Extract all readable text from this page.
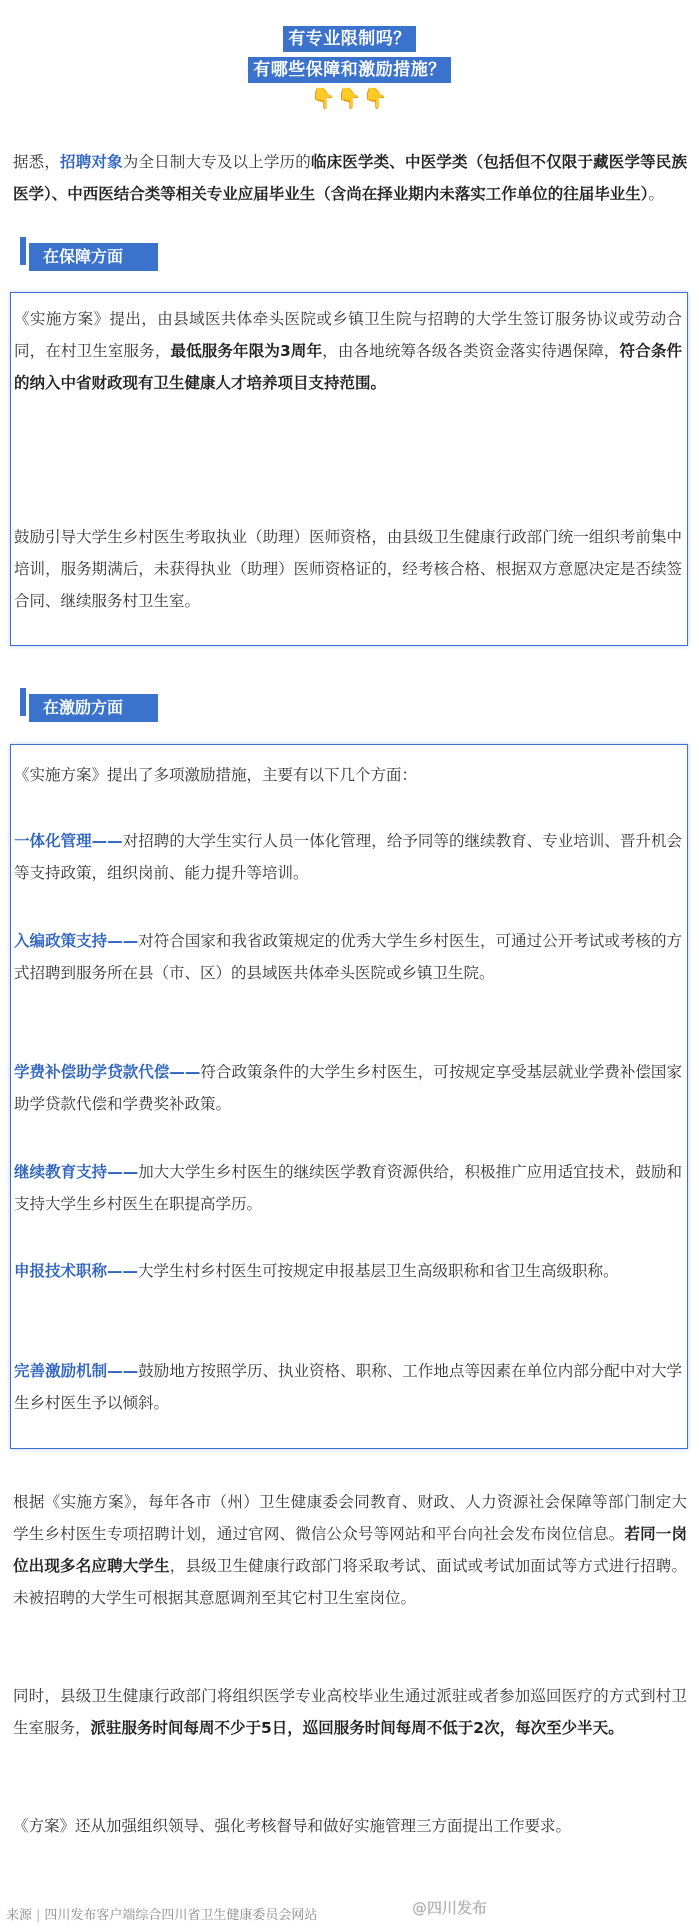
有专业限制吗？
有哪些保障和激励措施？
👇👇👇

据悉，招聘对象为全日制大专及以上学历的临床医学类、中医学类（包括但不仅限于藏医学等民族医学）、中西医结合类等相关专业应届毕业生（含尚在择业期内未落实工作单位的往届毕业生）。

在保障方面

《实施方案》提出，由县域医共体牵头医院或乡镇卫生院与招聘的大学生签订服务协议或劳动合同，在村卫生室服务，最低服务年限为3周年，由各地统筹各级各类资金落实待遇保障，符合条件的纳入中省财政现有卫生健康人才培养项目支持范围。

鼓励引导大学生乡村医生考取执业（助理）医师资格，由县级卫生健康行政部门统一组织考前集中培训，服务期满后，未获得执业（助理）医师资格证的，经考核合格、根据双方意愿决定是否续签合同、继续服务村卫生室。

在激励方面

《实施方案》提出了多项激励措施，主要有以下几个方面：

一体化管理——对招聘的大学生实行人员一体化管理，给予同等的继续教育、专业培训、晋升机会等支持政策，组织岗前、能力提升等培训。

入编政策支持——对符合国家和我省政策规定的优秀大学生乡村医生，可通过公开考试或考核的方式招聘到服务所在县（市、区）的县域医共体牵头医院或乡镇卫生院。

学费补偿助学贷款代偿——符合政策条件的大学生乡村医生，可按规定享受基层就业学费补偿国家助学贷款代偿和学费奖补政策。

继续教育支持——加大大学生乡村医生的继续医学教育资源供给，积极推广应用适宜技术，鼓励和支持大学生乡村医生在职提高学历。

申报技术职称——大学生村乡村医生可按规定申报基层卫生高级职称和省卫生高级职称。

完善激励机制——鼓励地方按照学历、执业资格、职称、工作地点等因素在单位内部分配中对大学生乡村医生予以倾斜。

根据《实施方案》，每年各市（州）卫生健康委会同教育、财政、人力资源社会保障等部门制定大学生乡村医生专项招聘计划，通过官网、微信公众号等网站和平台向社会发布岗位信息。若同一岗位出现多名应聘大学生，县级卫生健康行政部门将采取考试、面试或考试加面试等方式进行招聘。未被招聘的大学生可根据其意愿调剂至其它村卫生室岗位。

同时，县级卫生健康行政部门将组织医学专业高校毕业生通过派驻或者参加巡回医疗的方式到村卫生室服务，派驻服务时间每周不少于5日，巡回服务时间每周不低于2次，每次至少半天。

《方案》还从加强组织领导、强化考核督导和做好实施管理三方面提出工作要求。

来源 | 四川发布客户端综合四川省卫生健康委员会网站	@四川发布
